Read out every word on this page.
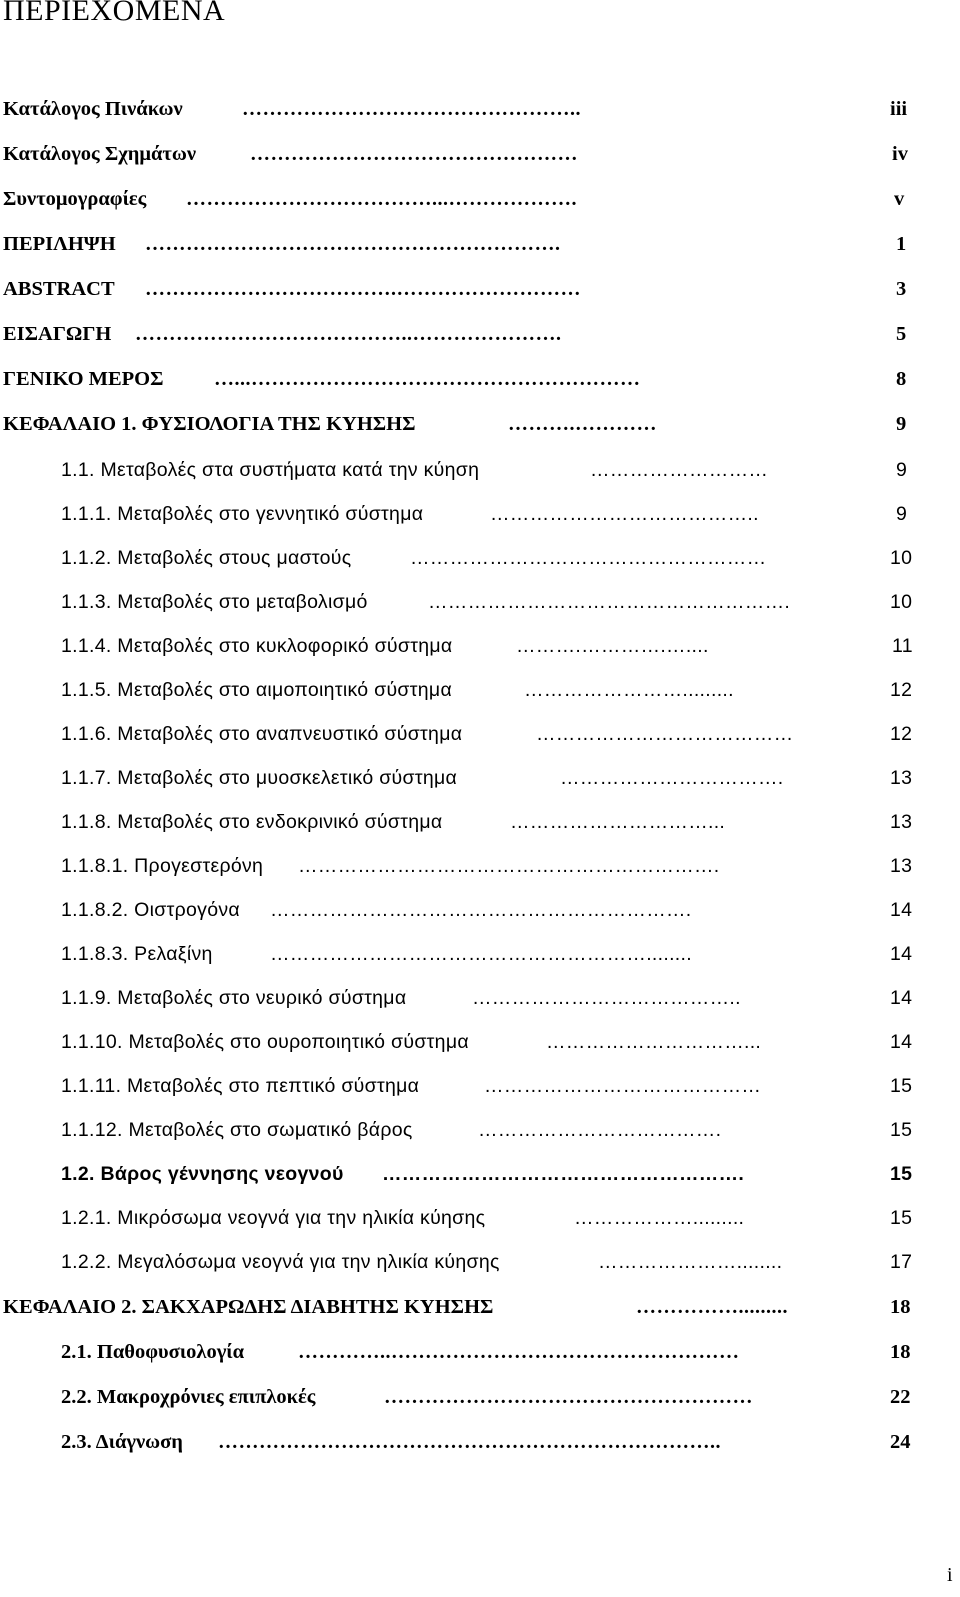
ΠΕΡΙΕΧΟΜΕΝΑ
Κατάλογος Πινάκων	…………………………………………..	iii
Κατάλογος Σχημάτων	…………………………………………	iv
Συντομογραφίες ………………………………...……………….	v
ΠΕΡΙΛΗΨΗ …………………………………………………….	1
ABSTRACT ……………………………….………………………	3
ΕΙΣΑΓΩΓΗ …………………………………..………………….	5
ΓΕΝΙΚΟ ΜΕΡΟΣ	…...…………………………………………………	8
ΚΕΦΑΛΑΙΟ 1. ΦΥΣΙΟΛΟΓΙΑ ΤΗΣ ΚΥΗΣΗΣ	……….…………	9
1.1. Μεταβολές στα συστήματα κατά την κύηση	………………………	9
1.1.1. Μεταβολές στο γεννητικό σύστημα	…………………………………..	9
1.1.2. Μεταβολές στους μαστούς	………………………………………………	10
1.1.3. Μεταβολές στο μεταβολισμό	……………………………………………….	10
1.1.4. Μεταβολές στο κυκλοφορικό σύστημα	……….………….…....	11
1.1.5. Μεταβολές στο αιμοποιητικό σύστημα	…………………….........	12
1.1.6. Μεταβολές στο αναπνευστικό σύστημα	…………………………………	12
1.1.7. Μεταβολές στο μυοσκελετικό σύστημα	…………………………….	13
1.1.8. Μεταβολές στο ενδοκρινικό σύστημα	…………………………...	13
1.1.8.1. Προγεστερόνη ……………………………………………………….	13
1.1.8.2. Οιστρογόνα ……………………………………………………….	14
1.1.8.3. Ρελαξίνη	…………………………………………………........	14
1.1.9. Μεταβολές στο νευρικό σύστημα	…………………………………..	14
1.1.10. Μεταβολές στο ουροποιητικό σύστημα	…………………………...	14
1.1.11. Μεταβολές στο πεπτικό σύστημα	……………………………………	15
1.1.12. Μεταβολές στο σωματικό βάρος	……………………………….	15
1.2. Βάρος γέννησης νεογνού ……………………………………………….	15
1.2.1. Μικρόσωμα νεογνά για την ηλικία κύησης	……………….........	15
1.2.2. Μεγαλόσωμα νεογνά για την ηλικία κύησης	…………………........	17
ΚΕΦΑΛΑΙΟ 2. ΣΑΚΧΑΡΩΔΗΣ ΔΙΑΒΗΤΗΣ ΚΥΗΣΗΣ	…………….........	18
2.1. Παθοφυσιολογία	…………..……………………………………………	18
2.2. Μακροχρόνιες επιπλοκές	………………………………………………	22
2.3. Διάγνωση ………………………………………………………………..	24
i
